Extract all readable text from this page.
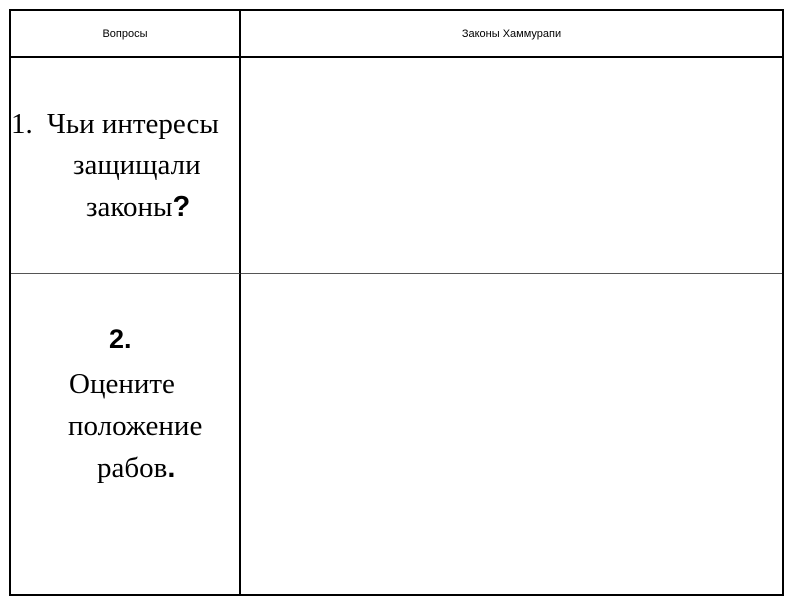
Вопросы	Законы Хаммурапи
1. Чьи интересы
защищали
законы?
2.
Оцените
положение
рабов.
